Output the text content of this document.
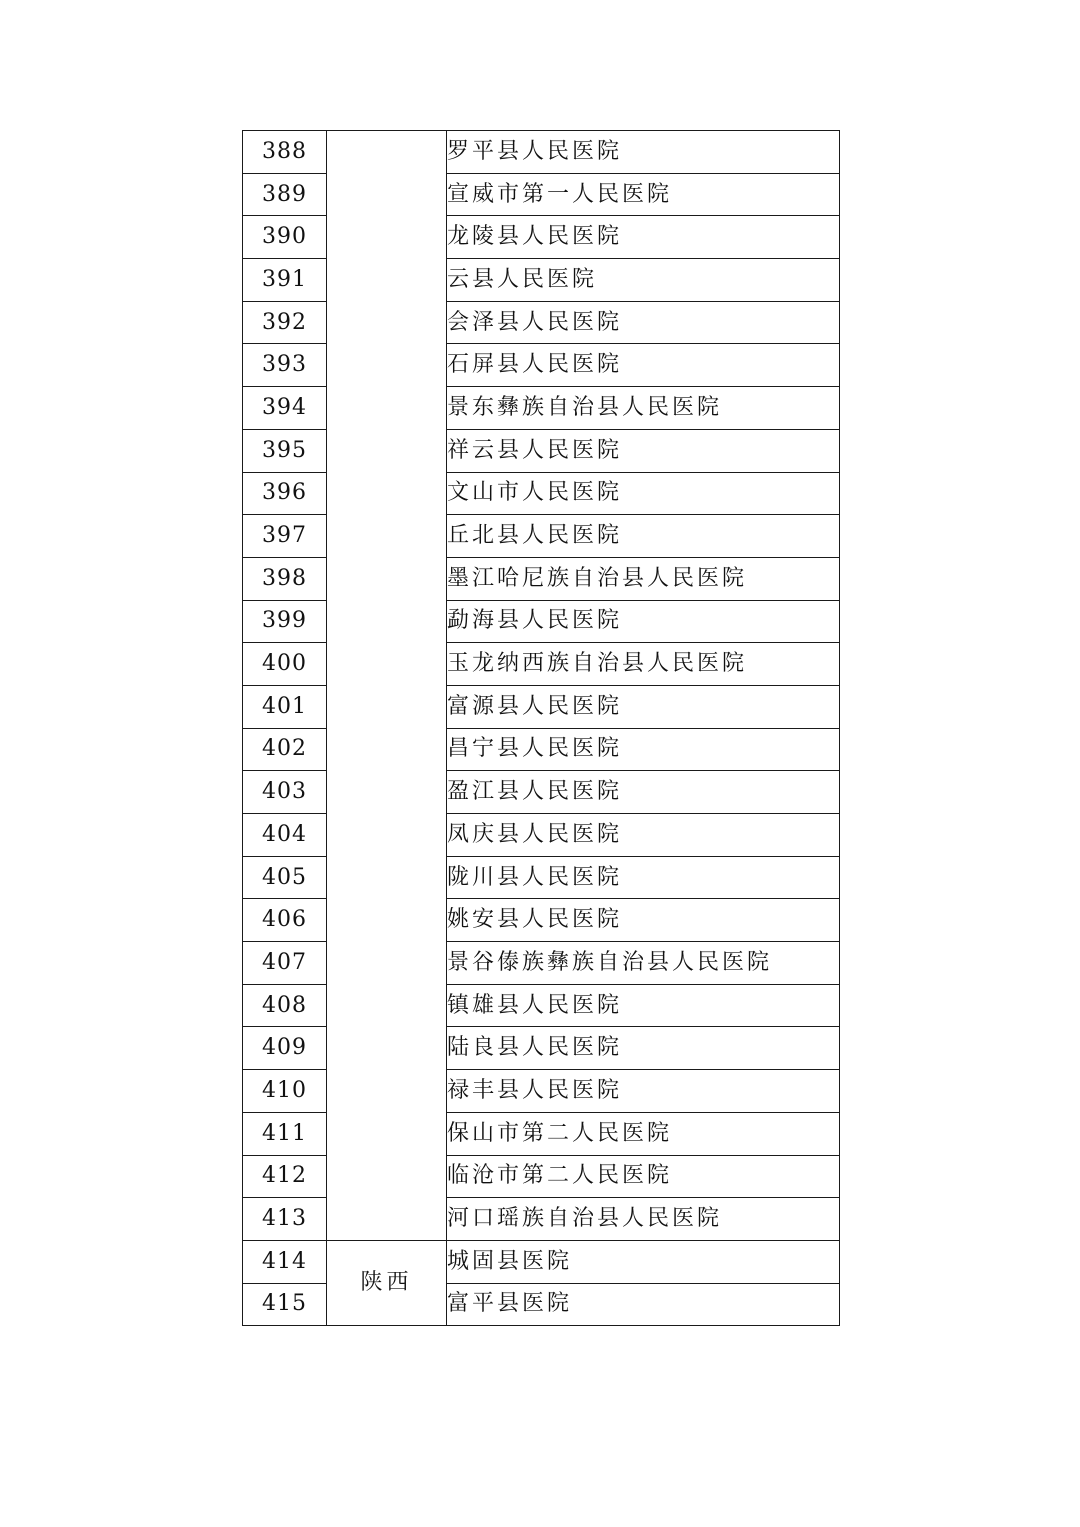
388		罗平县人民医院
389		宣威市第一人民医院
390		龙陵县人民医院
391		云县人民医院
392		会泽县人民医院
393		石屏县人民医院
394		景东彝族自治县人民医院
395		祥云县人民医院
396		文山市人民医院
397		丘北县人民医院
398		墨江哈尼族自治县人民医院
399		勐海县人民医院
400		玉龙纳西族自治县人民医院
401		富源县人民医院
402		昌宁县人民医院
403		盈江县人民医院
404		凤庆县人民医院
405		陇川县人民医院
406		姚安县人民医院
407		景谷傣族彝族自治县人民医院
408		镇雄县人民医院
409		陆良县人民医院
410		禄丰县人民医院
411		保山市第二人民医院
412		临沧市第二人民医院
413		河口瑶族自治县人民医院
414	陕西	城固县医院
415		富平县医院
